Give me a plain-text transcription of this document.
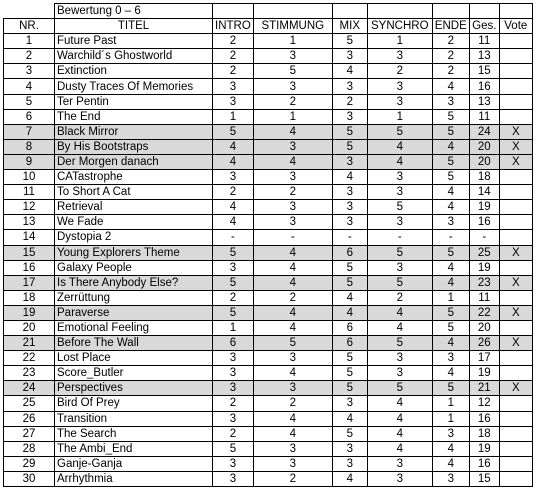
	Bewertung 0 – 6							
NR.	TITEL	INTRO	STIMMUNG	MIX	SYNCHRO	ENDE	Ges.	Vote
1	Future Past	2	1	5	1	2	11	
2	Warchild´s Ghostworld	2	3	3	3	2	13	
3	Extinction	2	5	4	2	2	15	
4	Dusty Traces Of Memories	3	3	3	3	4	16	
5	Ter Pentin	3	2	2	3	3	13	
6	The End	1	1	3	1	5	11	
7	Black Mirror	5	4	5	5	5	24	X
8	By His Bootstraps	4	3	5	4	4	20	X
9	Der Morgen danach	4	4	3	4	5	20	X
10	CATastrophe	3	3	4	3	5	18	
11	To Short A Cat	2	2	3	3	4	14	
12	Retrieval	4	3	3	5	4	19	
13	We Fade	4	3	3	3	3	16	
14	Dystopia 2	-	-	-	-	-	-	
15	Young Explorers Theme	5	4	6	5	5	25	X
16	Galaxy People	3	4	5	3	4	19	
17	Is There Anybody Else?	5	4	5	5	4	23	X
18	Zerrüttung	2	2	4	2	1	11	
19	Paraverse	5	4	4	4	5	22	X
20	Emotional Feeling	1	4	6	4	5	20	
21	Before The Wall	6	5	6	5	4	26	X
22	Lost Place	3	3	5	3	3	17	
23	Score_Butler	3	4	5	3	4	19	
24	Perspectives	3	3	5	5	5	21	X
25	Bird Of Prey	2	2	3	4	1	12	
26	Transition	3	4	4	4	1	16	
27	The Search	2	4	5	4	3	18	
28	The Ambi_End	5	3	3	4	4	19	
29	Ganje-Ganja	3	3	3	3	4	16	
30	Arrhythmia	3	2	4	3	3	15	
